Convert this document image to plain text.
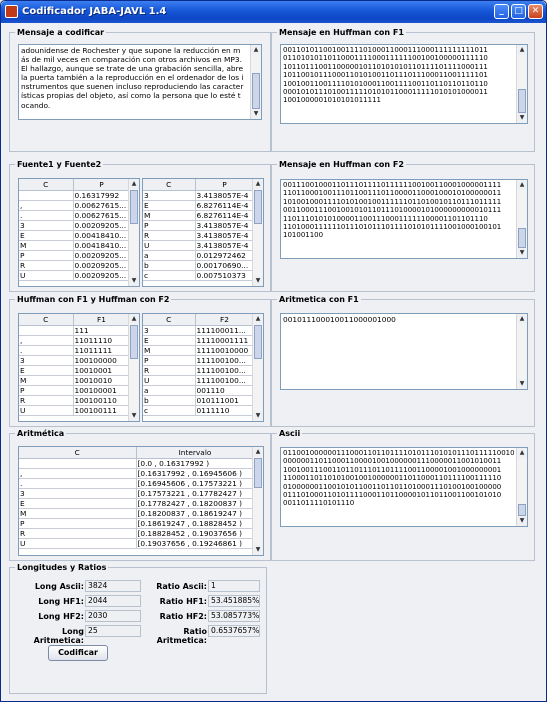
Codificador JABA-JAVL 1.4	_	□ ✕
Mensaje a codificar
adounidense de Rochester y que supone la reducción en m
ás de mil veces en comparación con otros archivos en MP3.
El hallazgo, aunque se trate de una grabación sencilla, abre
la puerta también a la reproducción en el ordenador de los i
nstrumentos que suenen incluso reproduciendo las caracter
ísticas propias del objeto, así como la persona que lo esté t
ocando.
▲
▼
Mensaje en Huffman con F1
0011010110010011110100011000111000111111111011
0110101011011000111100011111100100100000111110
1011011100110000010110101010110111101111000111
1011001011100011010100110111011100011001111101
1001001100111101010001100111100110110110110110
0001010111010011111010101100011111010101000011
1001000001010101011111
▲
▼
Fuente1 y Fuente2
C	P
	0.16317992
,	0.00627615...
.	0.00627615...
3	0.00209205...
E	0.00418410...
M	0.00418410...
P	0.00209205...
R	0.00209205...
U	0.00209205...
▲
▼
C	P
3	3.4138057E-4
E	6.8276114E-4
M	6.8276114E-4
P	3.4138057E-4
R	3.4138057E-4
U	3.4138057E-4
a	0.012972462
b	0.00170690...
c	0.007510373
▲
▼
Mensaje en Huffman con F2
0011100100011011101111011111100100110001000001111
1101100010011101100111011000011000100010100000011
1010010001111010100100111111011010010110111011111
0011000111001001010110111010000101000000000010111
1101110101010000110011100011111100001101101110
1101000111111011101011101111010101111001000100101
101001100
▲
▼
Huffman con F1 y Huffman con F2
C	F1
	111
,	11011110
.	11011111
3	100100000
E	10010001
M	10010010
P	100100001
R	100100110
U	100100111
▲
▼
C	F2
3	111100011...
E	11110001111
M	11110010000
P	111100100...
R	111100100...
U	111100100...
a	001110
b	010111001
c	0111110
▲
▼
Aritmetica con F1
001011100010011000001000	▲
▼
Aritmética
C	Intervalo
	[0.0 , 0.16317992 )
,	[0.16317992 , 0.16945606 )
.	[0.16945606 , 0.17573221 )
3	[0.17573221 , 0.17782427 )
E	[0.17782427 , 0.18200837 )
M	[0.18200837 , 0.18619247 )
P	[0.18619247 , 0.18828452 )
R	[0.18828452 , 0.19037656 )
U	[0.19037656 , 0.19246861 )
▲
▼
Ascii
0110010000001110001101101111010111010101110111110010
0000001101100011000010010000001110000011001010011
1001001110011011011101101111001100001001000000001
1100011011010100100100000011011000110111100111110
0100000011001010110011011011010001110100100100000
0111010001101011110001101100001011011001100101010
0011011110101110
▲
▼
Longitudes y Ratios
Long Ascii: 3824
Long HF1: 2044
Long HF2: 2030
Long Aritmetica:
25
Ratio Ascii: 1
Ratio HF1: 53.451885%
Ratio HF2: 53.085773%
Ratio Aritmetica:
0.6537657%
Codificar
